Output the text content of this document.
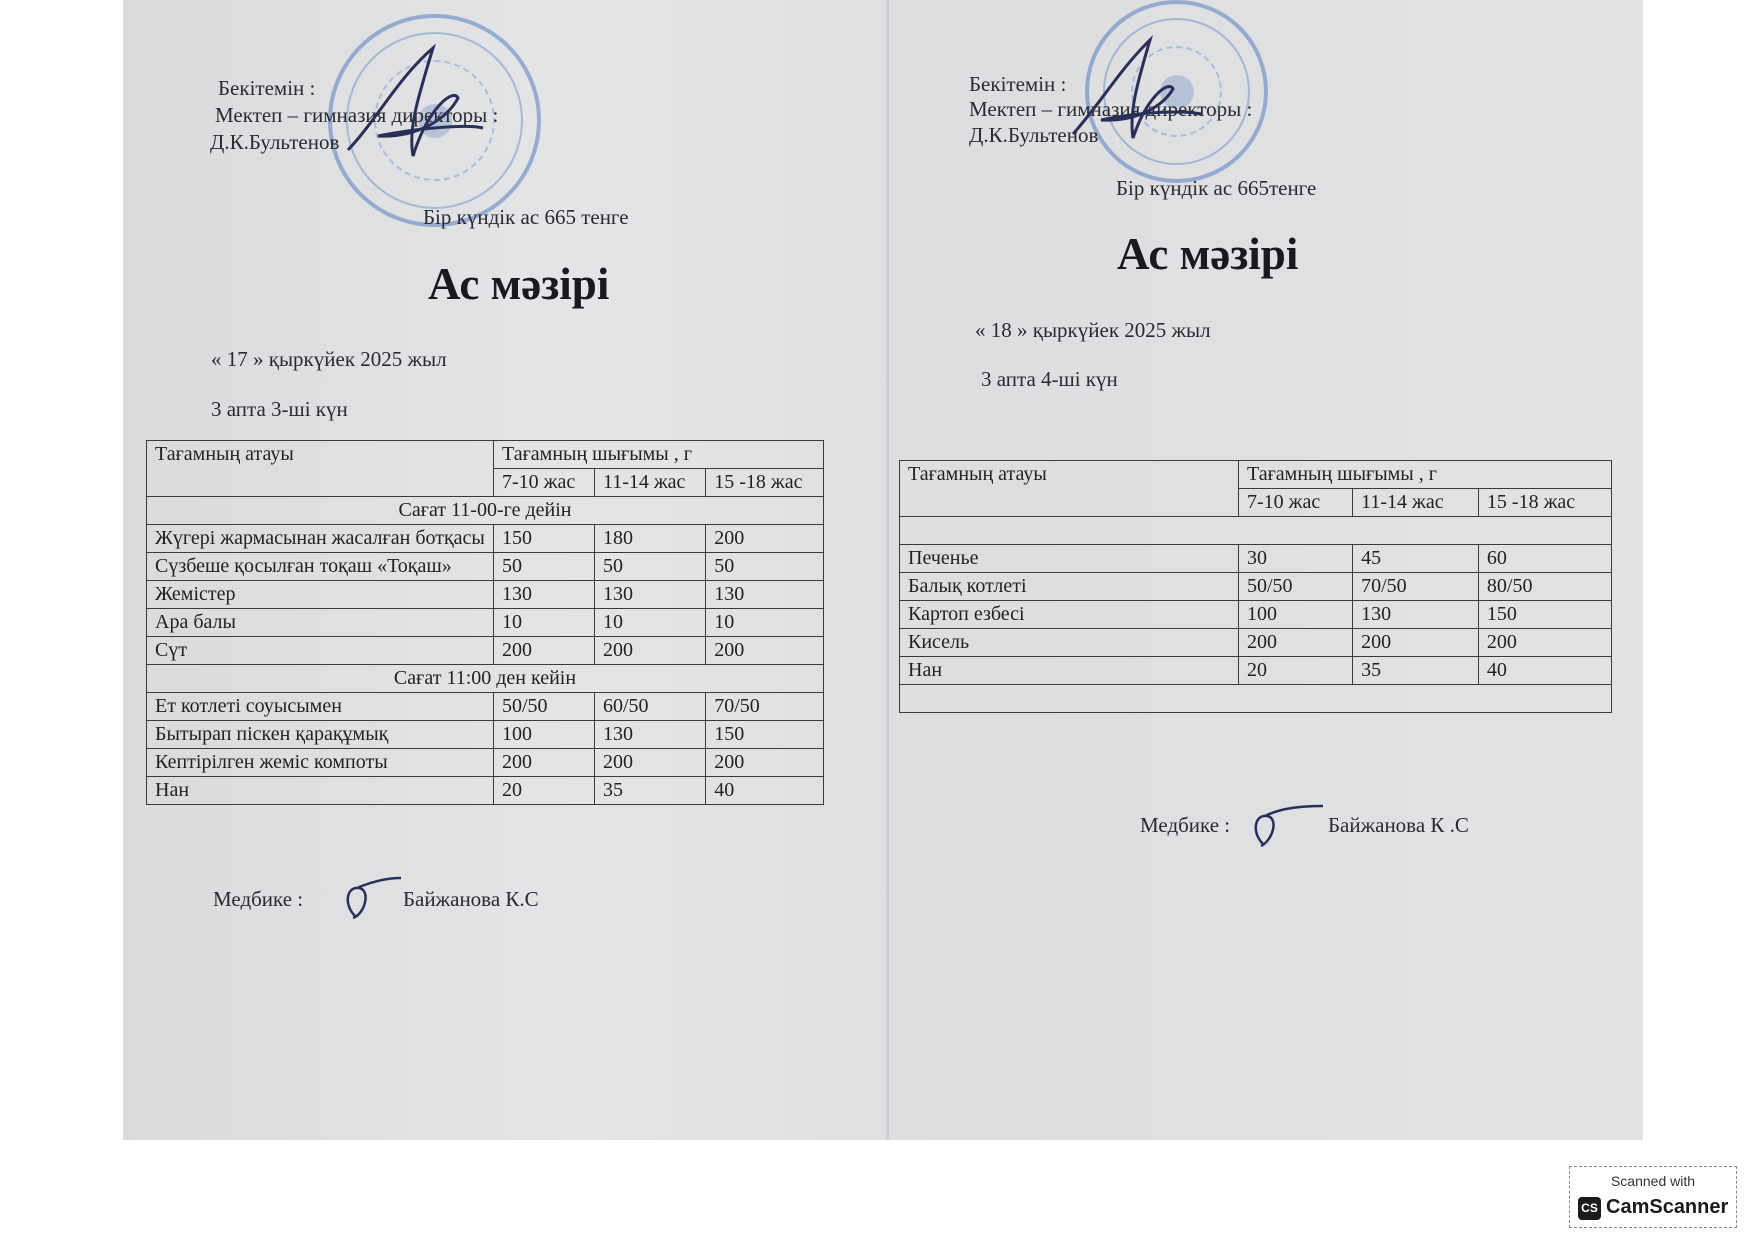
Бекітемін :
Мектеп – гимназия директоры :
Д.К.Бультенов
Бір күндік ас 665 тенге
Ас мәзірі
« 17 » қыркүйек 2025 жыл
3 апта 3-ші күн
Тағамның атауы	Тағамның шығымы , г		
	7-10 жас	11-14 жас	15 -18 жас
Сағат 11-00-ге дейін			
Жүгері жармасынан жасалған ботқасы	150	180	200
Сүзбеше қосылған тоқаш «Тоқаш»	50	50	50
Жемістер	130	130	130
Ара балы	10	10	10
Сүт	200	200	200
Сағат 11:00 ден кейін			
Ет котлеті соуысымен	50/50	60/50	70/50
Бытырап піскен қарақұмық	100	130	150
Кептірілген жеміс компоты	200	200	200
Нан	20	35	40
Медбике :	Байжанова К.С
Бекітемін :
Мектеп – гимназия директоры :
Д.К.Бультенов
Бір күндік ас 665тенге
Ас мәзірі
« 18 » қыркүйек 2025 жыл
3 апта 4-ші күн
Тағамның атауы	Тағамның шығымы , г		
	7-10 жас	11-14 жас	15 -18 жас

Печенье	30	45	60
Балық котлеті	50/50	70/50	80/50
Картоп езбесі	100	130	150
Кисель	200	200	200
Нан	20	35	40

Медбике :	Байжанова К .С
Scanned with
CS CamScanner
